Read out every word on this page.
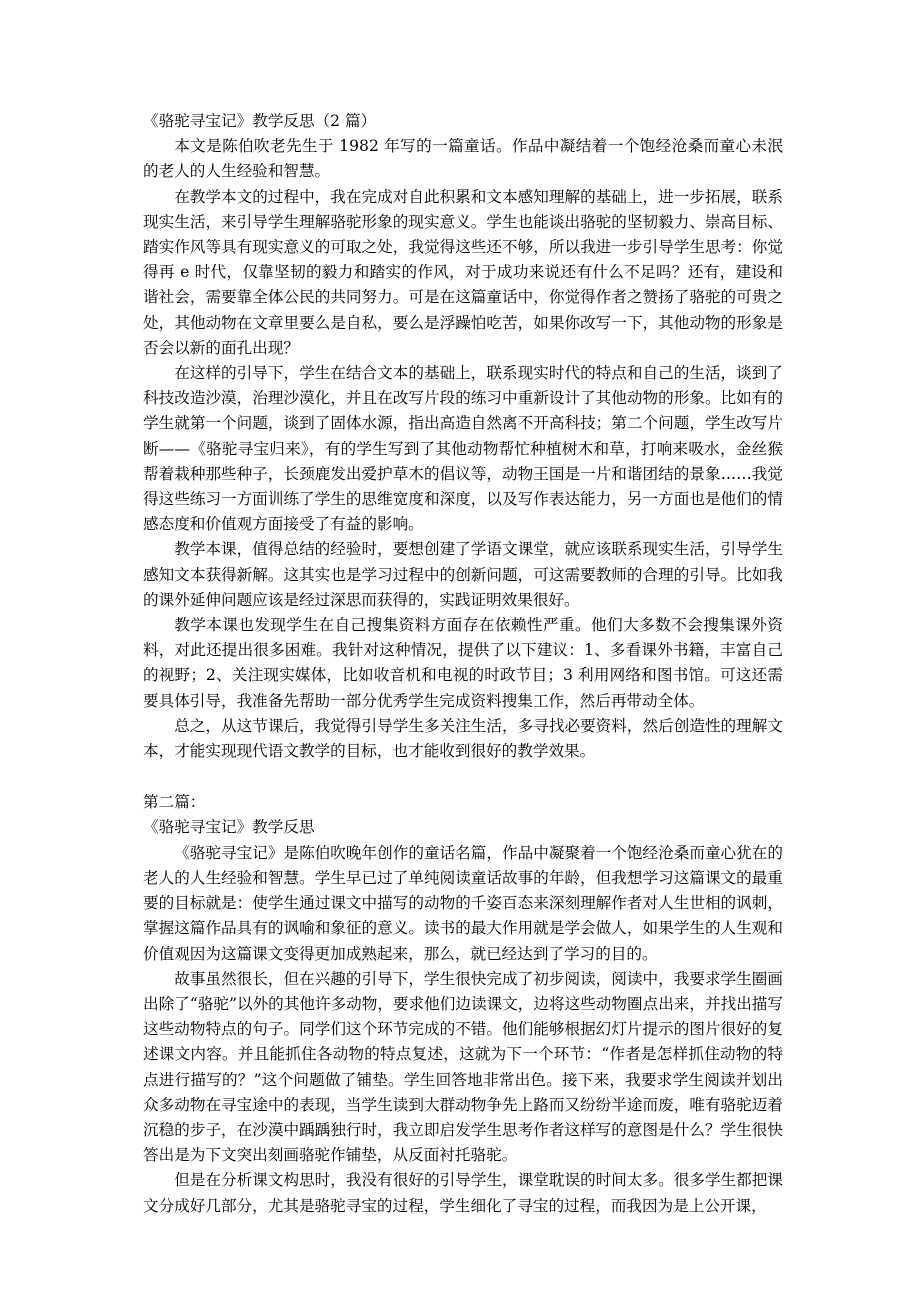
《骆驼寻宝记》教学反思（2 篇）

本文是陈伯吹老先生于 1982 年写的一篇童话。作品中凝结着一个饱经沧桑而童心未泯的老人的人生经验和智慧。

在教学本文的过程中，我在完成对自此积累和文本感知理解的基础上，进一步拓展，联系现实生活，来引导学生理解骆驼形象的现实意义。学生也能谈出骆驼的坚韧毅力、崇高目标、踏实作风等具有现实意义的可取之处，我觉得这些还不够，所以我进一步引导学生思考：你觉得再 e 时代，仅靠坚韧的毅力和踏实的作风，对于成功来说还有什么不足吗？还有，建设和谐社会，需要靠全体公民的共同努力。可是在这篇童话中，你觉得作者之赞扬了骆驼的可贵之处，其他动物在文章里要么是自私，要么是浮躁怕吃苦，如果你改写一下，其他动物的形象是否会以新的面孔出现？

在这样的引导下，学生在结合文本的基础上，联系现实时代的特点和自己的生活，谈到了科技改造沙漠，治理沙漠化，并且在改写片段的练习中重新设计了其他动物的形象。比如有的学生就第一个问题，谈到了固体水源，指出高造自然离不开高科技；第二个问题，学生改写片断——《骆驼寻宝归来》，有的学生写到了其他动物帮忙种植树木和草，打响来吸水，金丝猴帮着栽种那些种子，长颈鹿发出爱护草木的倡议等，动物王国是一片和谐团结的景象……我觉得这些练习一方面训练了学生的思维宽度和深度，以及写作表达能力，另一方面也是他们的情感态度和价值观方面接受了有益的影响。

教学本课，值得总结的经验时，要想创建了学语文课堂，就应该联系现实生活，引导学生感知文本获得新解。这其实也是学习过程中的创新问题，可这需要教师的合理的引导。比如我的课外延伸问题应该是经过深思而获得的，实践证明效果很好。

教学本课也发现学生在自己搜集资料方面存在依赖性严重。他们大多数不会搜集课外资料，对此还提出很多困难。我针对这种情况，提供了以下建议：1、多看课外书籍，丰富自己的视野；2、关注现实媒体，比如收音机和电视的时政节目；3 利用网络和图书馆。可这还需要具体引导，我准备先帮助一部分优秀学生完成资料搜集工作，然后再带动全体。

总之，从这节课后，我觉得引导学生多关注生活，多寻找必要资料，然后创造性的理解文本，才能实现现代语文教学的目标，也才能收到很好的教学效果。

第二篇：

《骆驼寻宝记》教学反思

《骆驼寻宝记》是陈伯吹晚年创作的童话名篇，作品中凝聚着一个饱经沧桑而童心犹在的老人的人生经验和智慧。学生早已过了单纯阅读童话故事的年龄，但我想学习这篇课文的最重要的目标就是：使学生通过课文中描写的动物的千姿百态来深刻理解作者对人生世相的讽刺，掌握这篇作品具有的讽喻和象征的意义。读书的最大作用就是学会做人，如果学生的人生观和价值观因为这篇课文变得更加成熟起来，那么，就已经达到了学习的目的。

故事虽然很长，但在兴趣的引导下，学生很快完成了初步阅读，阅读中，我要求学生圈画出除了“骆驼”以外的其他许多动物，要求他们边读课文，边将这些动物圈点出来，并找出描写这些动物特点的句子。同学们这个环节完成的不错。他们能够根据幻灯片提示的图片很好的复述课文内容。并且能抓住各动物的特点复述，这就为下一个环节：“作者是怎样抓住动物的特点进行描写的？”这个问题做了铺垫。学生回答地非常出色。接下来，我要求学生阅读并划出众多动物在寻宝途中的表现，当学生读到大群动物争先上路而又纷纷半途而废，唯有骆驼迈着沉稳的步子，在沙漠中踽踽独行时，我立即启发学生思考作者这样写的意图是什么？学生很快答出是为下文突出刻画骆驼作铺垫，从反面衬托骆驼。

但是在分析课文构思时，我没有很好的引导学生，课堂耽误的时间太多。很多学生都把课文分成好几部分，尤其是骆驼寻宝的过程，学生细化了寻宝的过程，而我因为是上公开课，
